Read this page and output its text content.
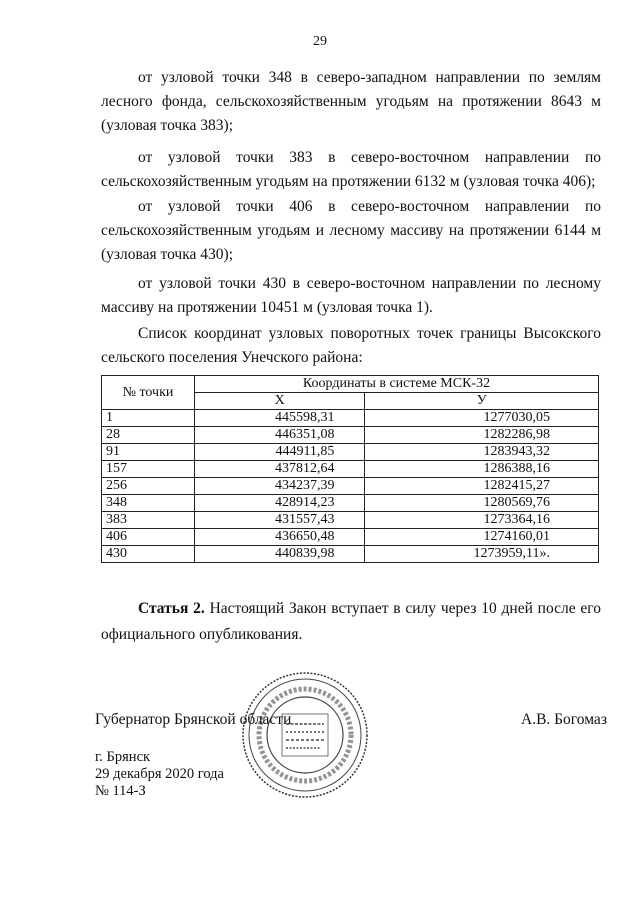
29

от узловой точки 348 в северо-западном направлении по землям
лесного фонда, сельскохозяйственным угодьям на протяжении 8643 м
(узловая точка 383);

от узловой точки 383 в северо-восточном направлении по
сельскохозяйственным угодьям на протяжении 6132 м (узловая точка 406);

от узловой точки 406 в северо-восточном направлении по
сельскохозяйственным угодьям и лесному массиву на протяжении 6144 м
(узловая точка 430);

от узловой точки 430 в северо-восточном направлении по лесному
массиву на протяжении 10451 м (узловая точка 1).

Список координат узловых поворотных точек границы Высокского
сельского поселения Унечского района:

№ точки	Координаты в системе МСК-32	
	X	У
1	445598,31	1277030,05
28	446351,08	1282286,98
91	444911,85	1283943,32
157	437812,64	1286388,16
256	434237,39	1282415,27
348	428914,23	1280569,76
383	431557,43	1273364,16
406	436650,48	1274160,01
430	440839,98	1273959,11».

Статья 2. Настоящий Закон вступает в силу через 10 дней после его
официального опубликования.

Губернатор Брянской области	А.В. Богомаз
г. Брянск
29 декабря 2020 года
№ 114-З
